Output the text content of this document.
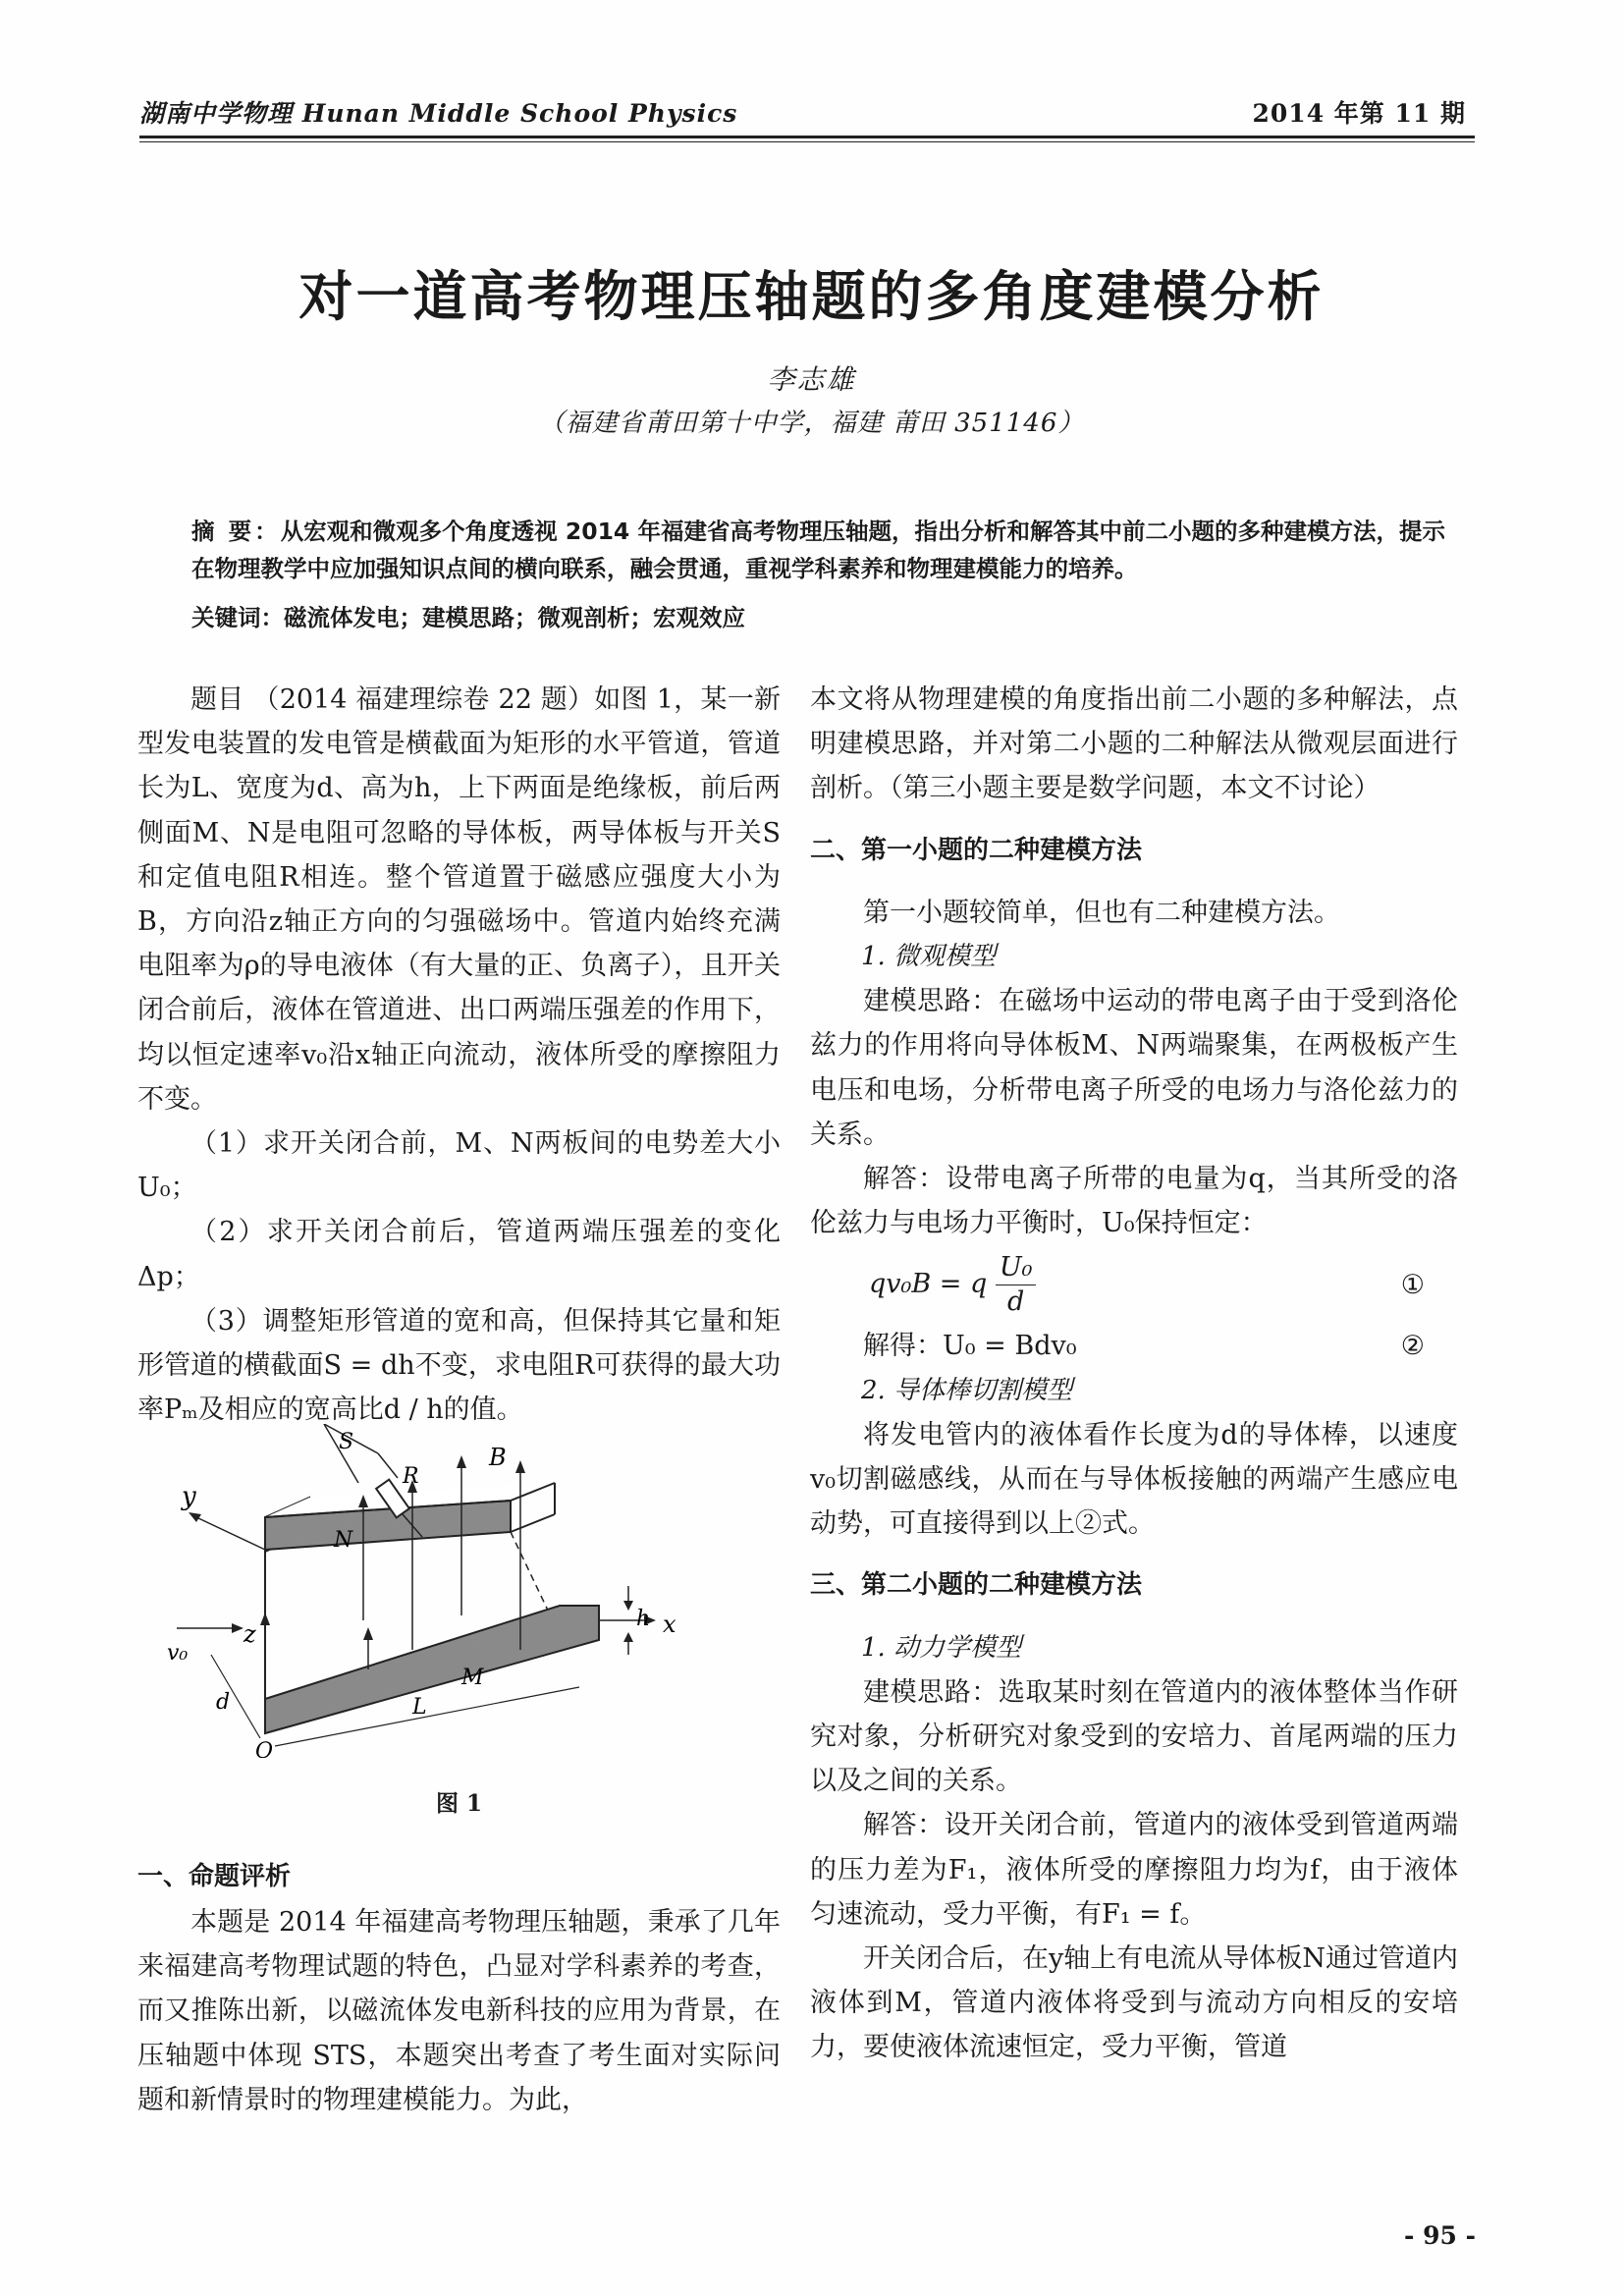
湖南中学物理 Hunan Middle School Physics	2014 年第 11 期
对一道高考物理压轴题的多角度建模分析
李志雄
（福建省莆田第十中学，福建 莆田 351146）
摘 要：从宏观和微观多个角度透视 2014 年福建省高考物理压轴题，指出分析和解答其中前二小题的多种建模方法，提示在物理教学中应加强知识点间的横向联系，融会贯通，重视学科素养和物理建模能力的培养。
关键词：磁流体发电；建模思路；微观剖析；宏观效应

题目 （2014 福建理综卷 22 题）如图 1，某一新型发电装置的发电管是横截面为矩形的水平管道，管道长为L、宽度为d、高为h，上下两面是绝缘板，前后两侧面M、N是电阻可忽略的导体板，两导体板与开关S和定值电阻R相连。整个管道置于磁感应强度大小为B，方向沿z轴正方向的匀强磁场中。管道内始终充满电阻率为ρ的导电液体（有大量的正、负离子），且开关闭合前后，液体在管道进、出口两端压强差的作用下，均以恒定速率v₀沿x轴正向流动，液体所受的摩擦阻力不变。

（1）求开关闭合前，M、N两板间的电势差大小U₀；

（2）求开关闭合前后，管道两端压强差的变化Δp；

（3）调整矩形管道的宽和高，但保持其它量和矩形管道的横截面S = dh不变，求电阻R可获得的最大功率Pₘ及相应的宽高比d / h的值。

y
z	x
B
S
R
N
M
h
v₀
d	L
O
图 1
一、命题评析

本题是 2014 年福建高考物理压轴题，秉承了几年来福建高考物理试题的特色，凸显对学科素养的考查，而又推陈出新，以磁流体发电新科技的应用为背景，在压轴题中体现 STS，本题突出考查了考生面对实际问题和新情景时的物理建模能力。为此，

本文将从物理建模的角度指出前二小题的多种解法，点明建模思路，并对第二小题的二种解法从微观层面进行剖析。（第三小题主要是数学问题，本文不讨论）

二、第一小题的二种建模方法

第一小题较简单，但也有二种建模方法。

1. 微观模型

建模思路：在磁场中运动的带电离子由于受到洛伦兹力的作用将向导体板M、N两端聚集，在两极板产生电压和电场，分析带电离子所受的电场力与洛伦兹力的关系。

解答：设带电离子所带的电量为q，当其所受的洛伦兹力与电场力平衡时，U₀保持恒定：

qv₀B = q $\frac{\text{U₀}}{d}$	①
解得：U₀ = Bdv₀	②

2. 导体棒切割模型

将发电管内的液体看作长度为d的导体棒，以速度v₀切割磁感线，从而在与导体板接触的两端产生感应电动势，可直接得到以上②式。

三、第二小题的二种建模方法

1. 动力学模型

建模思路：选取某时刻在管道内的液体整体当作研究对象，分析研究对象受到的安培力、首尾两端的压力以及之间的关系。

解答：设开关闭合前，管道内的液体受到管道两端的压力差为F₁，液体所受的摩擦阻力均为f，由于液体匀速流动，受力平衡，有F₁ = f。

开关闭合后，在y轴上有电流从导体板N通过管道内液体到M，管道内液体将受到与流动方向相反的安培力，要使液体流速恒定，受力平衡，管道

- 95 -
